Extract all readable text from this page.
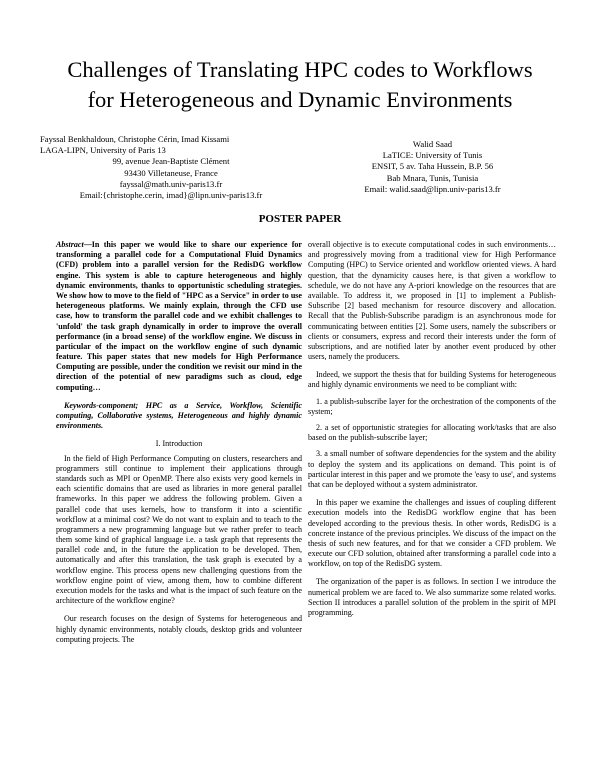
Challenges of Translating HPC codes to Workflows
for Heterogeneous and Dynamic Environments
Fayssal Benkhaldoun, Christophe Cérin, Imad Kissami
LAGA-LIPN, University of Paris 13
99, avenue Jean-Baptiste Clément
93430 Villetaneuse, France
fayssal@math.univ-paris13.fr
Email:{christophe.cerin, imad}@lipn.univ-paris13.fr
Walid Saad
LaTICE: University of Tunis
ENSIT, 5 av. Taha Hussein, B.P. 56
Bab Mnara, Tunis, Tunisia
Email: walid.saad@lipn.univ-paris13.fr
POSTER PAPER

Abstract—In this paper we would like to share our experience for transforming a parallel code for a Computational Fluid Dynamics (CFD) problem into a parallel version for the RedisDG workflow engine. This system is able to capture heterogeneous and highly dynamic environments, thanks to opportunistic scheduling strategies. We show how to move to the field of "HPC as a Service" in order to use heterogeneous platforms. We mainly explain, through the CFD use case, how to transform the parallel code and we exhibit challenges to 'unfold' the task graph dynamically in order to improve the overall performance (in a broad sense) of the workflow engine. We discuss in particular of the impact on the workflow engine of such dynamic feature. This paper states that new models for High Performance Computing are possible, under the condition we revisit our mind in the direction of the potential of new paradigms such as cloud, edge computing…

Keywords-component; HPC as a Service, Workflow, Scientific computing, Collaborative systems, Heterogeneous and highly dynamic environments.

I. Introduction

In the field of High Performance Computing on clusters, researchers and programmers still continue to implement their applications through standards such as MPI or OpenMP. There also exists very good kernels in each scientific domains that are used as libraries in more general parallel frameworks. In this paper we address the following problem. Given a parallel code that uses kernels, how to transform it into a scientific workflow at a minimal cost? We do not want to explain and to teach to the programmers a new programming language but we rather prefer to teach them some kind of graphical language i.e. a task graph that represents the parallel code and, in the future the application to be developed. Then, automatically and after this translation, the task graph is executed by a workflow engine. This process opens new challenging questions from the workflow engine point of view, among them, how to combine different execution models for the tasks and what is the impact of such feature on the architecture of the workflow engine?

Our research focuses on the design of Systems for heterogeneous and highly dynamic environments, notably clouds, desktop grids and volunteer computing projects. The

overall objective is to execute computational codes in such environments…and progressively moving from a traditional view for High Performance Computing (HPC) to Service oriented and workflow oriented views. A hard question, that the dynamicity causes here, is that given a workflow to schedule, we do not have any A-priori knowledge on the resources that are available. To address it, we proposed in [1] to implement a Publish-Subscribe [2] based mechanism for resource discovery and allocation. Recall that the Publish-Subscribe paradigm is an asynchronous mode for communicating between entities [2]. Some users, namely the subscribers or clients or consumers, express and record their interests under the form of subscriptions, and are notified later by another event produced by other users, namely the producers.

Indeed, we support the thesis that for building Systems for heterogeneous and highly dynamic environments we need to be compliant with:

1. a publish-subscribe layer for the orchestration of the components of the system;

2. a set of opportunistic strategies for allocating work/tasks that are also based on the publish-subscribe layer;

3. a small number of software dependencies for the system and the ability to deploy the system and its applications on demand. This point is of particular interest in this paper and we promote the 'easy to use', and systems that can be deployed without a system administrator.

In this paper we examine the challenges and issues of coupling different execution models into the RedisDG workflow engine that has been developed according to the previous thesis. In other words, RedisDG is a concrete instance of the previous principles. We discuss of the impact on the thesis of such new features, and for that we consider a CFD problem. We execute our CFD solution, obtained after transforming a parallel code into a workflow, on top of the RedisDG system.

The organization of the paper is as follows. In section I we introduce the numerical problem we are faced to. We also summarize some related works. Section II introduces a parallel solution of the problem in the spirit of MPI programming.
